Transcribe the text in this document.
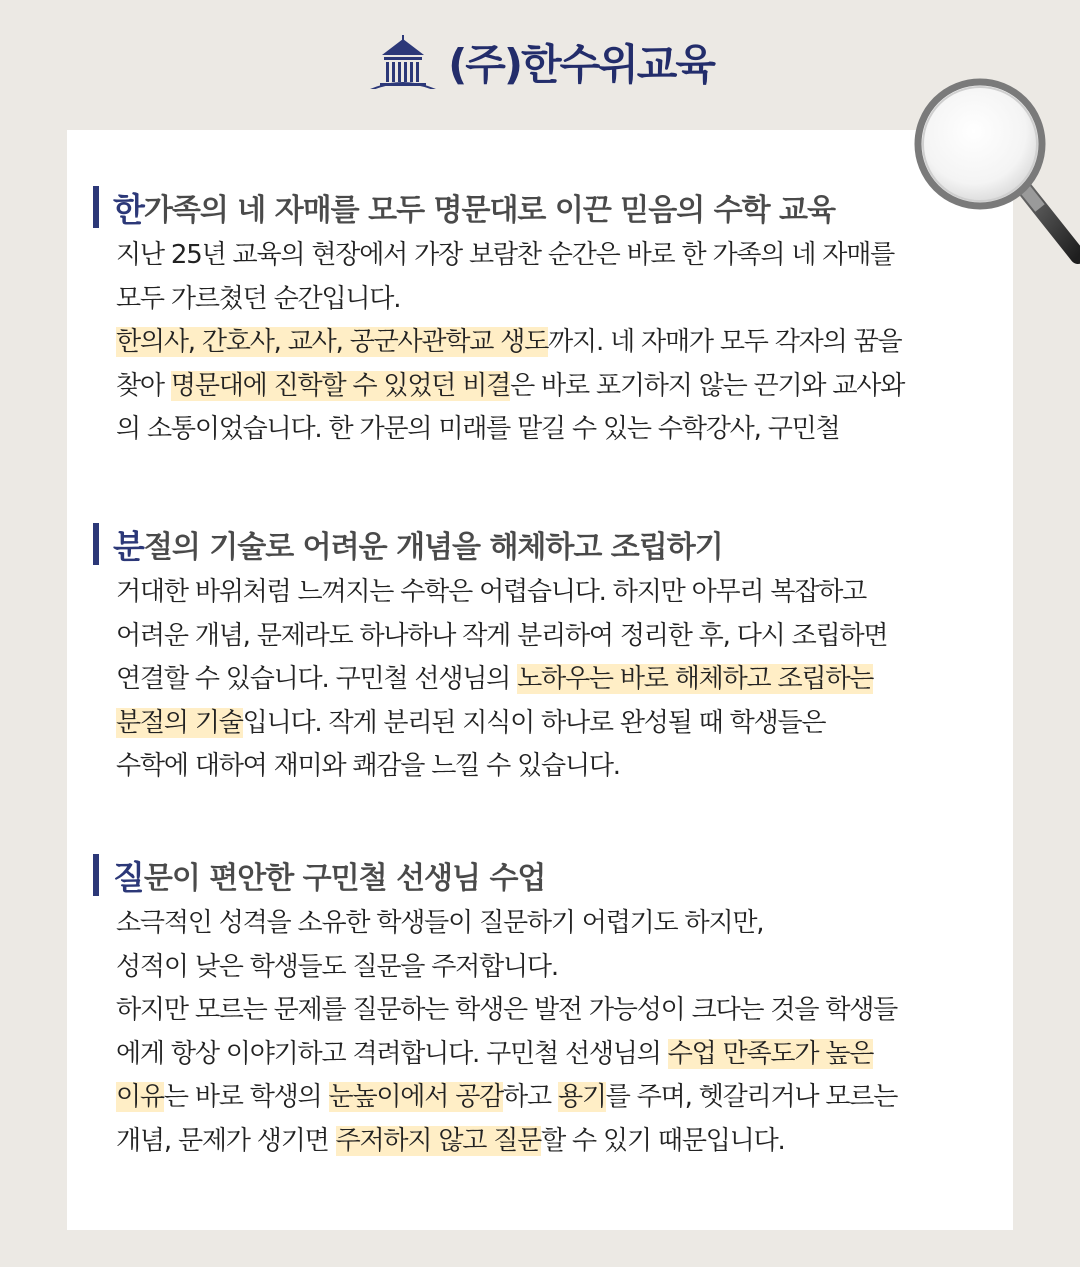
(주)한수위교육
한 가족의 네 자매를 모두 명문대로 이끈 믿음의 수학 교육
지난 25년 교육의 현장에서 가장 보람찬 순간은 바로 한 가족의 네 자매를
모두 가르쳤던 순간입니다.
한의사, 간호사, 교사, 공군사관학교 생도까지. 네 자매가 모두 각자의 꿈을
찾아 명문대에 진학할 수 있었던 비결은 바로 포기하지 않는 끈기와 교사와
의 소통이었습니다. 한 가문의 미래를 맡길 수 있는 수학강사, 구민철
분 절의 기술로 어려운 개념을 해체하고 조립하기
거대한 바위처럼 느껴지는 수학은 어렵습니다. 하지만 아무리 복잡하고
어려운 개념, 문제라도 하나하나 작게 분리하여 정리한 후, 다시 조립하면
연결할 수 있습니다. 구민철 선생님의 노하우는 바로 해체하고 조립하는
분절의 기술입니다. 작게 분리된 지식이 하나로 완성될 때 학생들은
수학에 대하여 재미와 쾌감을 느낄 수 있습니다.
질 문이 편안한 구민철 선생님 수업
소극적인 성격을 소유한 학생들이 질문하기 어렵기도 하지만,
성적이 낮은 학생들도 질문을 주저합니다.
하지만 모르는 문제를 질문하는 학생은 발전 가능성이 크다는 것을 학생들
에게 항상 이야기하고 격려합니다. 구민철 선생님의 수업 만족도가 높은
이유는 바로 학생의 눈높이에서 공감하고 용기를 주며, 헷갈리거나 모르는
개념, 문제가 생기면 주저하지 않고 질문할 수 있기 때문입니다.
